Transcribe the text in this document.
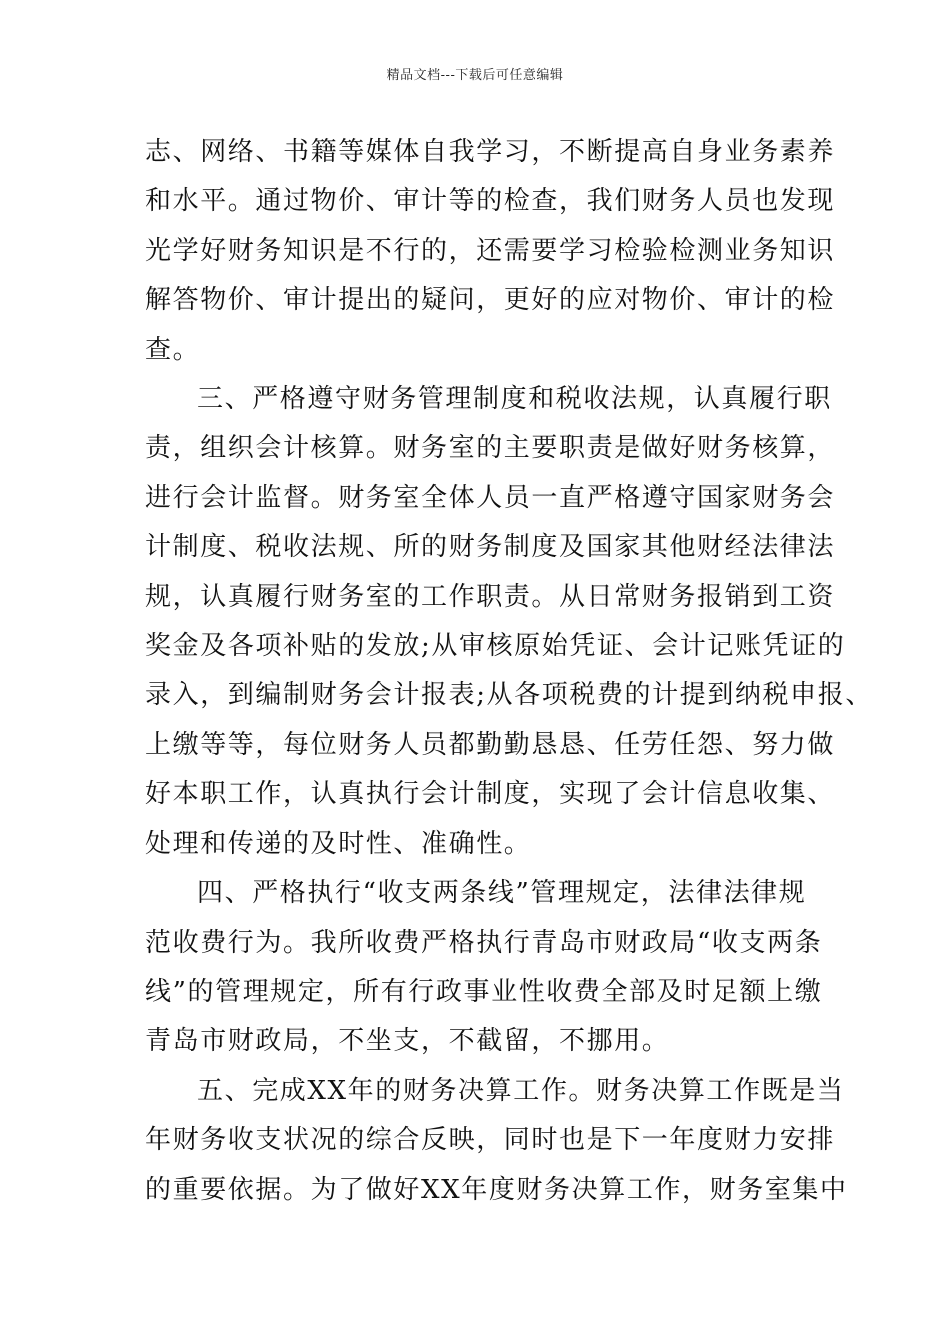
精品文档---下载后可任意编辑
志、网络、书籍等媒体自我学习，不断提高自身业务素养
和水平。通过物价、审计等的检查，我们财务人员也发现
光学好财务知识是不行的，还需要学习检验检测业务知识
解答物价、审计提出的疑问，更好的应对物价、审计的检
查。
三、严格遵守财务管理制度和税收法规，认真履行职
责，组织会计核算。财务室的主要职责是做好财务核算，
进行会计监督。财务室全体人员一直严格遵守国家财务会
计制度、税收法规、所的财务制度及国家其他财经法律法
规，认真履行财务室的工作职责。从日常财务报销到工资
奖金及各项补贴的发放;从审核原始凭证、会计记账凭证的
录入，到编制财务会计报表;从各项税费的计提到纳税申报、
上缴等等，每位财务人员都勤勤恳恳、任劳任怨、努力做
好本职工作，认真执行会计制度，实现了会计信息收集、
处理和传递的及时性、准确性。
四、严格执行“收支两条线”管理规定，法律法律规
范收费行为。我所收费严格执行青岛市财政局“收支两条
线”的管理规定，所有行政事业性收费全部及时足额上缴
青岛市财政局，不坐支，不截留，不挪用。
五、完成XX年的财务决算工作。财务决算工作既是当
年财务收支状况的综合反映，同时也是下一年度财力安排
的重要依据。为了做好XX年度财务决算工作，财务室集中
